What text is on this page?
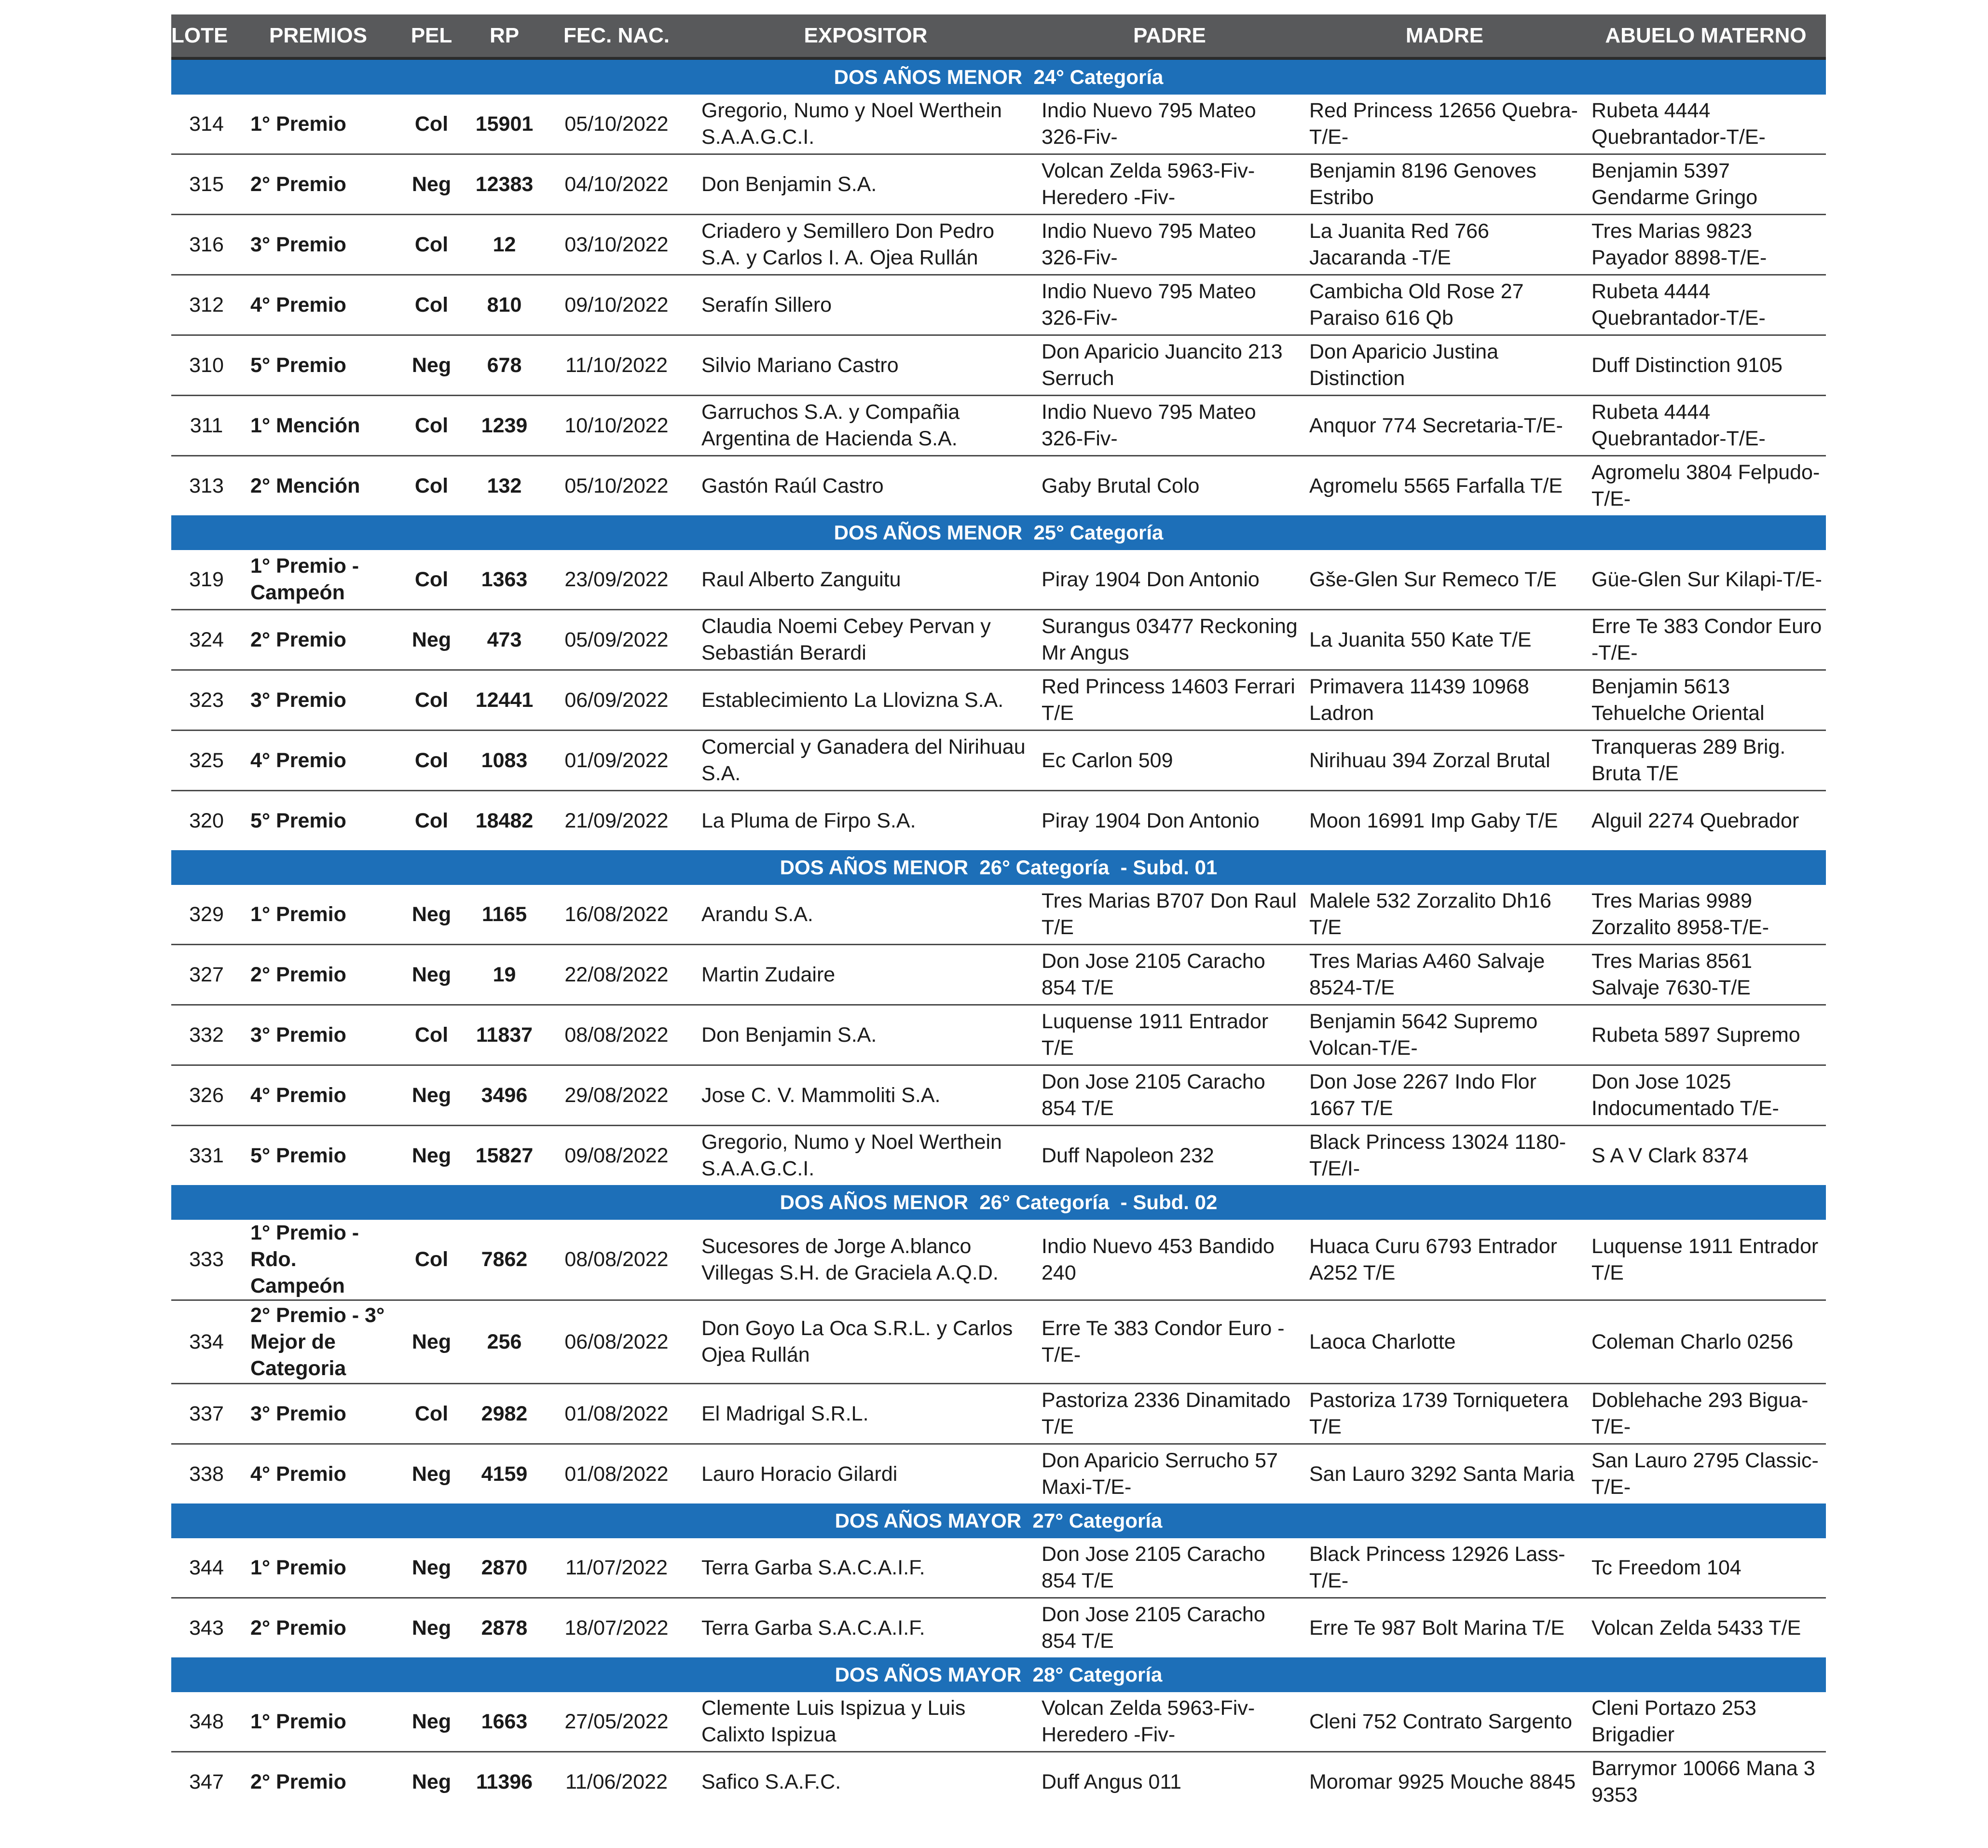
LOTE	PREMIOS	PEL	RP	FEC. NAC.	EXPOSITOR	PADRE	MADRE	ABUELO MATERNO
DOS AÑOS MENOR  24° Categoría								
314	1° Premio	Col	15901	05/10/2022	Gregorio, Numo y Noel Werthein S.A.A.G.C.I.	Indio Nuevo 795 Mateo 326-Fiv-	Red Princess 12656 Quebra-T/E-	Rubeta 4444 Quebrantador-T/E-
315	2° Premio	Neg	12383	04/10/2022	Don Benjamin S.A.	Volcan Zelda 5963-Fiv-Heredero -Fiv-	Benjamin 8196 Genoves Estribo	Benjamin 5397 Gendarme Gringo
316	3° Premio	Col	12	03/10/2022	Criadero y Semillero Don Pedro S.A. y Carlos I. A. Ojea Rullán	Indio Nuevo 795 Mateo 326-Fiv-	La Juanita Red 766 Jacaranda -T/E	Tres Marias 9823 Payador 8898-T/E-
312	4° Premio	Col	810	09/10/2022	Serafín Sillero	Indio Nuevo 795 Mateo 326-Fiv-	Cambicha Old Rose 27 Paraiso 616 Qb	Rubeta 4444 Quebrantador-T/E-
310	5° Premio	Neg	678	11/10/2022	Silvio Mariano Castro	Don Aparicio Juancito 213 Serruch	Don Aparicio Justina Distinction	Duff Distinction 9105
311	1° Mención	Col	1239	10/10/2022	Garruchos S.A. y Compañia Argentina de Hacienda S.A.	Indio Nuevo 795 Mateo 326-Fiv-	Anquor 774 Secretaria-T/E-	Rubeta 4444 Quebrantador-T/E-
313	2° Mención	Col	132	05/10/2022	Gastón Raúl Castro	Gaby Brutal Colo	Agromelu 5565 Farfalla T/E	Agromelu 3804 Felpudo-T/E-
DOS AÑOS MENOR  25° Categoría								
319	1° Premio - Campeón	Col	1363	23/09/2022	Raul Alberto Zanguitu	Piray 1904 Don Antonio	Gše-Glen Sur Remeco T/E	Güe-Glen Sur Kilapi-T/E-
324	2° Premio	Neg	473	05/09/2022	Claudia Noemi Cebey Pervan y Sebastián Berardi	Surangus 03477 Reckoning Mr Angus	La Juanita 550 Kate T/E	Erre Te 383 Condor Euro -T/E-
323	3° Premio	Col	12441	06/09/2022	Establecimiento La Llovizna S.A.	Red Princess 14603 Ferrari T/E	Primavera 11439 10968 Ladron	Benjamin 5613 Tehuelche Oriental
325	4° Premio	Col	1083	01/09/2022	Comercial y Ganadera del Nirihuau S.A.	Ec Carlon 509	Nirihuau 394 Zorzal Brutal	Tranqueras 289 Brig. Bruta T/E
320	5° Premio	Col	18482	21/09/2022	La Pluma de Firpo S.A.	Piray 1904 Don Antonio	Moon 16991 Imp Gaby T/E	Alguil 2274 Quebrador
DOS AÑOS MENOR  26° Categoría  - Subd. 01								
329	1° Premio	Neg	1165	16/08/2022	Arandu S.A.	Tres Marias B707 Don Raul T/E	Malele 532 Zorzalito Dh16 T/E	Tres Marias 9989 Zorzalito 8958-T/E-
327	2° Premio	Neg	19	22/08/2022	Martin Zudaire	Don Jose 2105 Caracho 854 T/E	Tres Marias A460 Salvaje 8524-T/E	Tres Marias 8561 Salvaje 7630-T/E
332	3° Premio	Col	11837	08/08/2022	Don Benjamin S.A.	Luquense 1911 Entrador T/E	Benjamin 5642 Supremo Volcan-T/E-	Rubeta 5897 Supremo
326	4° Premio	Neg	3496	29/08/2022	Jose C. V. Mammoliti S.A.	Don Jose 2105 Caracho 854 T/E	Don Jose 2267 Indo Flor 1667 T/E	Don Jose 1025 Indocumentado T/E-
331	5° Premio	Neg	15827	09/08/2022	Gregorio, Numo y Noel Werthein S.A.A.G.C.I.	Duff Napoleon 232	Black Princess 13024 1180-T/E/I-	S A V Clark 8374
DOS AÑOS MENOR  26° Categoría  - Subd. 02								
333	1° Premio - Rdo. Campeón	Col	7862	08/08/2022	Sucesores de Jorge A.blanco Villegas S.H. de Graciela A.Q.D.	Indio Nuevo 453 Bandido 240	Huaca Curu 6793 Entrador A252 T/E	Luquense 1911 Entrador T/E
334	2° Premio - 3° Mejor de Categoria	Neg	256	06/08/2022	Don Goyo La Oca S.R.L. y Carlos Ojea Rullán	Erre Te 383 Condor Euro -T/E-	Laoca Charlotte	Coleman Charlo 0256
337	3° Premio	Col	2982	01/08/2022	El Madrigal S.R.L.	Pastoriza 2336 Dinamitado T/E	Pastoriza 1739 Torniquetera T/E	Doblehache 293 Bigua-T/E-
338	4° Premio	Neg	4159	01/08/2022	Lauro Horacio Gilardi	Don Aparicio Serrucho 57 Maxi-T/E-	San Lauro 3292 Santa Maria	San Lauro 2795 Classic-T/E-
DOS AÑOS MAYOR  27° Categoría								
344	1° Premio	Neg	2870	11/07/2022	Terra Garba S.A.C.A.I.F.	Don Jose 2105 Caracho 854 T/E	Black Princess 12926 Lass-T/E-	Tc Freedom 104
343	2° Premio	Neg	2878	18/07/2022	Terra Garba S.A.C.A.I.F.	Don Jose 2105 Caracho 854 T/E	Erre Te 987 Bolt Marina T/E	Volcan Zelda 5433 T/E
DOS AÑOS MAYOR  28° Categoría								
348	1° Premio	Neg	1663	27/05/2022	Clemente Luis Ispizua y Luis Calixto Ispizua	Volcan Zelda 5963-Fiv-Heredero -Fiv-	Cleni 752 Contrato Sargento	Cleni Portazo 253 Brigadier
347	2° Premio	Neg	11396	11/06/2022	Safico S.A.F.C.	Duff Angus 011	Moromar 9925 Mouche 8845	Barrymor 10066 Mana 3 9353
